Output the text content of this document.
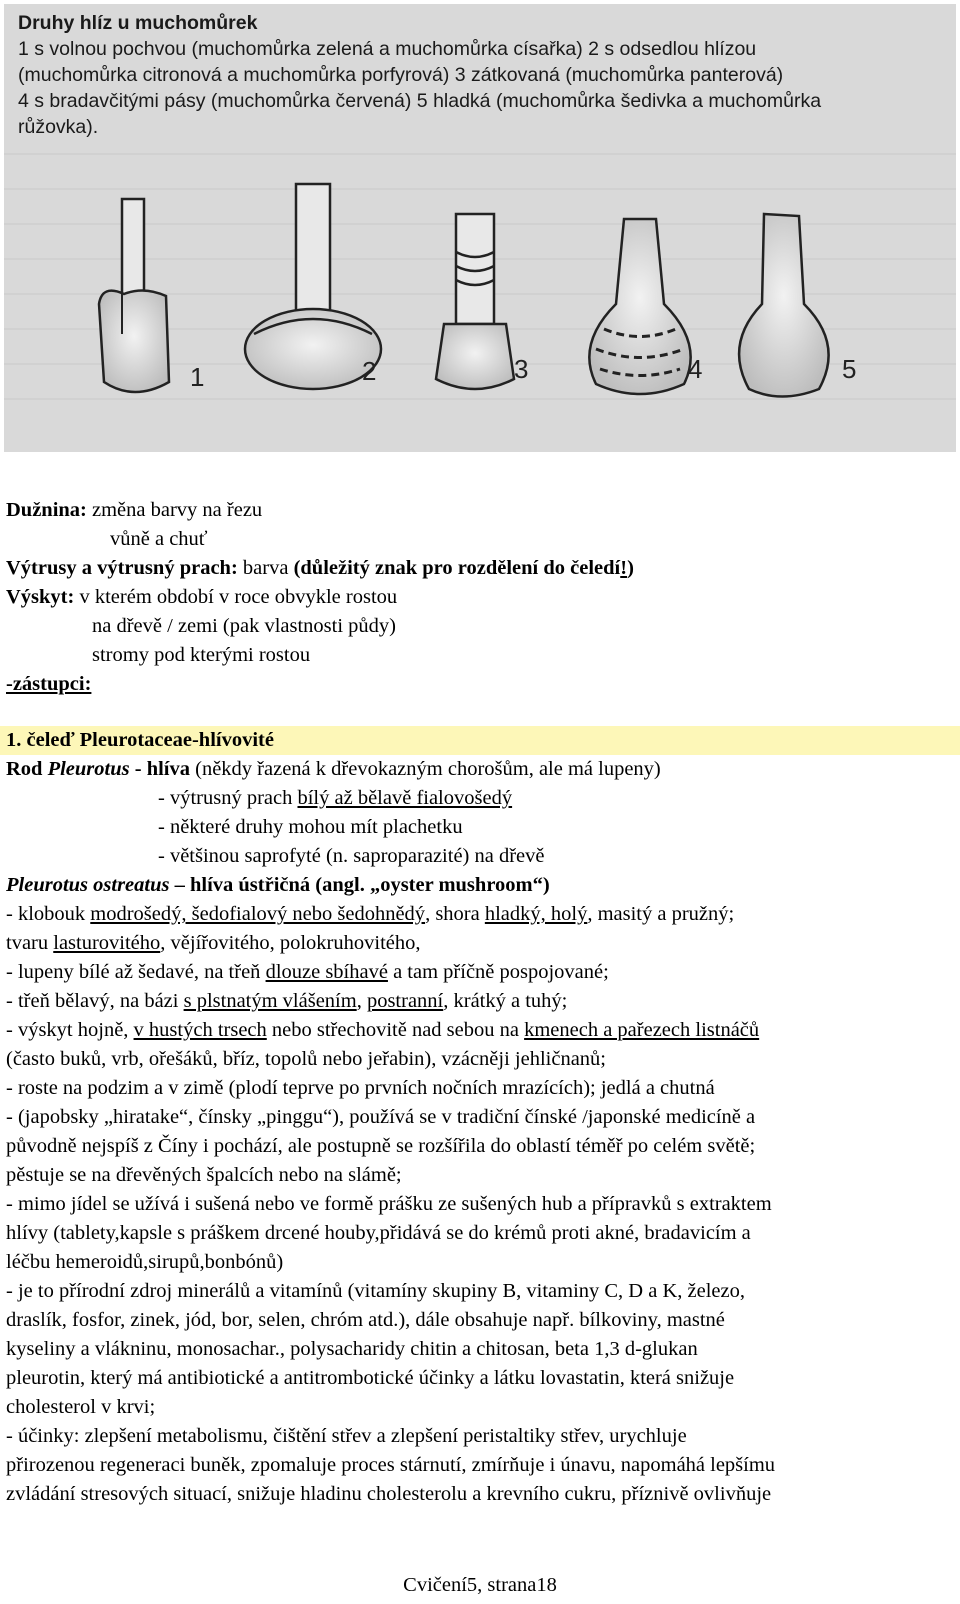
Druhy hlíz u muchomůrek
1 s volnou pochvou (muchomůrka zelená a muchomůrka císařka) 2 s odsedlou hlízou
(muchomůrka citronová a muchomůrka porfyrová) 3 zátkovaná (muchomůrka panterová)
4 s bradavčitými pásy (muchomůrka červená) 5 hladká (muchomůrka šedivka a muchomůrka
růžovka).
1	2	3	4	5
Dužnina: změna barvy na řezu
vůně a chuť
Výtrusy a výtrusný prach: barva (důležitý znak pro rozdělení do čeledí!)
Výskyt: v kterém období v roce obvykle rostou
na dřevě / zemi (pak vlastnosti půdy)
stromy pod kterými rostou
-zástupci:
1. čeleď Pleurotaceae-hlívovité
Rod Pleurotus - hlíva (někdy řazená k dřevokazným chorošům, ale má lupeny)
- výtrusný prach bílý až bělavě fialovošedý
- některé druhy mohou mít plachetku
- většinou saprofyté (n. saproparazité) na dřevě
Pleurotus ostreatus – hlíva ústřičná (angl. „oyster mushroom“)
- klobouk modrošedý, šedofialový nebo šedohnědý, shora hladký, holý, masitý a pružný;
tvaru lasturovitého, vějířovitého, polokruhovitého,
- lupeny bílé až šedavé, na třeň dlouze sbíhavé a tam příčně pospojované;
- třeň bělavý, na bázi s plstnatým vlášením, postranní, krátký a tuhý;
- výskyt hojně, v hustých trsech nebo střechovitě nad sebou na kmenech a pařezech listnáčů
(často buků, vrb, ořešáků, bříz, topolů nebo jeřabin), vzácněji jehličnanů;
- roste na podzim a v zimě (plodí teprve po prvních nočních mrazících); jedlá a chutná
- (japobsky „hiratake“, čínsky „pinggu“), používá se v tradiční čínské /japonské medicíně a
původně nejspíš z Číny i pochází, ale postupně se rozšířila do oblastí téměř po celém světě;
pěstuje se na dřevěných špalcích nebo na slámě;
- mimo jídel se užívá i sušená nebo ve formě prášku ze sušených hub a přípravků s extraktem
hlívy (tablety,kapsle s práškem drcené houby,přidává se do krémů proti akné, bradavicím a
léčbu hemeroidů,sirupů,bonbónů)
- je to přírodní zdroj minerálů a vitamínů (vitamíny skupiny B, vitaminy C, D a K, železo,
draslík, fosfor, zinek, jód, bor, selen, chróm atd.), dále obsahuje např. bílkoviny, mastné
kyseliny a vlákninu, monosachar., polysacharidy chitin a chitosan, beta 1,3 d-glukan
pleurotin, který má antibiotické a antitrombotické účinky a látku lovastatin, která snižuje
cholesterol v krvi;
- účinky: zlepšení metabolismu, čištění střev a zlepšení peristaltiky střev, urychluje
přirozenou regeneraci buněk, zpomaluje proces stárnutí, zmírňuje i únavu, napomáhá lepšímu
zvládání stresových situací, snižuje hladinu cholesterolu a krevního cukru, příznivě ovlivňuje
Cvičení5, strana18
